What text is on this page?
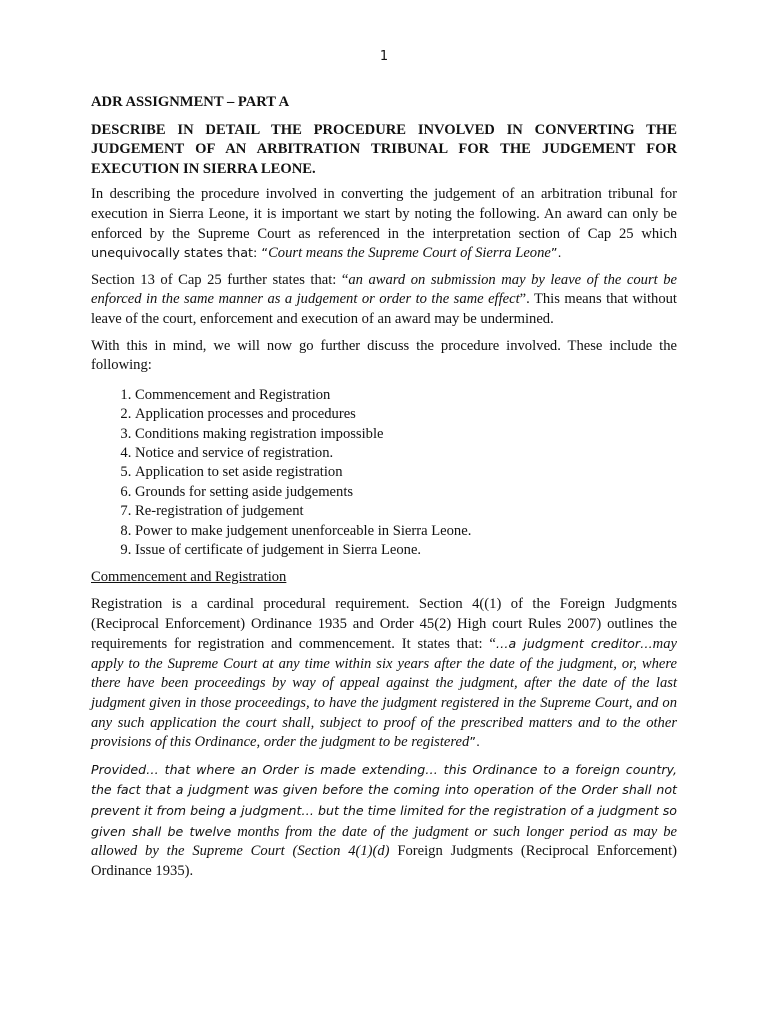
1
ADR ASSIGNMENT – PART A
DESCRIBE IN DETAIL THE PROCEDURE INVOLVED IN CONVERTING THE JUDGEMENT OF AN ARBITRATION TRIBUNAL FOR THE JUDGEMENT FOR EXECUTION IN SIERRA LEONE.

In describing the procedure involved in converting the judgement of an arbitration tribunal for execution in Sierra Leone, it is important we start by noting the following. An award can only be enforced by the Supreme Court as referenced in the interpretation section of Cap 25 which unequivocally states that: “Court means the Supreme Court of Sierra Leone”.

Section 13 of Cap 25 further states that: “an award on submission may by leave of the court be enforced in the same manner as a judgement or order to the same effect”. This means that without leave of the court, enforcement and execution of an award may be undermined.

With this in mind, we will now go further discuss the procedure involved. These include the following:

1. Commencement and Registration
2. Application processes and procedures
3. Conditions making registration impossible
4. Notice and service of registration.
5. Application to set aside registration
6. Grounds for setting aside judgements
7. Re-registration of judgement
8. Power to make judgement unenforceable in Sierra Leone.
9. Issue of certificate of judgement in Sierra Leone.
Commencement and Registration

Registration is a cardinal procedural requirement. Section 4((1) of the Foreign Judgments (Reciprocal Enforcement) Ordinance 1935 and Order 45(2) High court Rules 2007) outlines the requirements for registration and commencement. It states that: “…a judgment creditor…may apply to the Supreme Court at any time within six years after the date of the judgment, or, where there have been proceedings by way of appeal against the judgment, after the date of the last judgment given in those proceedings, to have the judgment registered in the Supreme Court, and on any such application the court shall, subject to proof of the prescribed matters and to the other provisions of this Ordinance, order the judgment to be registered”.

Provided… that where an Order is made extending… this Ordinance to a foreign country, the fact that a judgment was given before the coming into operation of the Order shall not prevent it from being a judgment… but the time limited for the registration of a judgment so given shall be twelve months from the date of the judgment or such longer period as may be allowed by the Supreme Court (Section 4(1)(d) Foreign Judgments (Reciprocal Enforcement) Ordinance 1935).
